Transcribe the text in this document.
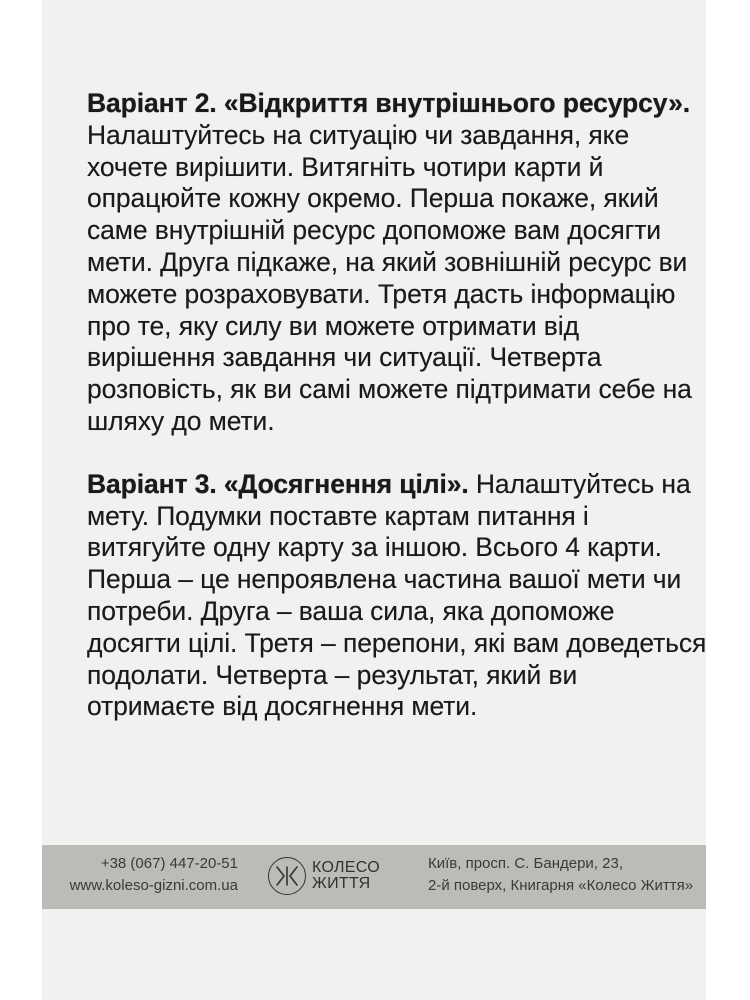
Варіант 2. «Відкриття внутрішнього ресурсу». Налаштуйтесь на ситуацію чи завдання, яке хочете вирішити. Витягніть чотири карти й опрацюйте кожну окремо. Перша покаже, який саме внутрішній ресурс допоможе вам досягти мети. Друга підкаже, на який зовнішній ресурс ви можете розраховувати. Третя дасть інформацію про те, яку силу ви можете отримати від вирішення завдання чи ситуації. Четверта розповість, як ви самі можете підтримати себе на шляху до мети.

Варіант 3. «Досягнення цілі». Налаштуйтесь на мету. Подумки поставте картам питання і витягуйте одну карту за іншою. Всього 4 карти. Перша – це непроявлена частина вашої мети чи потреби. Друга – ваша сила, яка допоможе досягти цілі. Третя – перепони, які вам доведеться подолати. Четверта – результат, який ви отримаєте від досягнення мети.

+38 (067) 447-20-51
www.koleso-gizni.com.ua
КОЛЕСО
ЖИТТЯ
Київ, просп. С. Бандери, 23,
2-й поверх, Книгарня «Колесо Життя»
